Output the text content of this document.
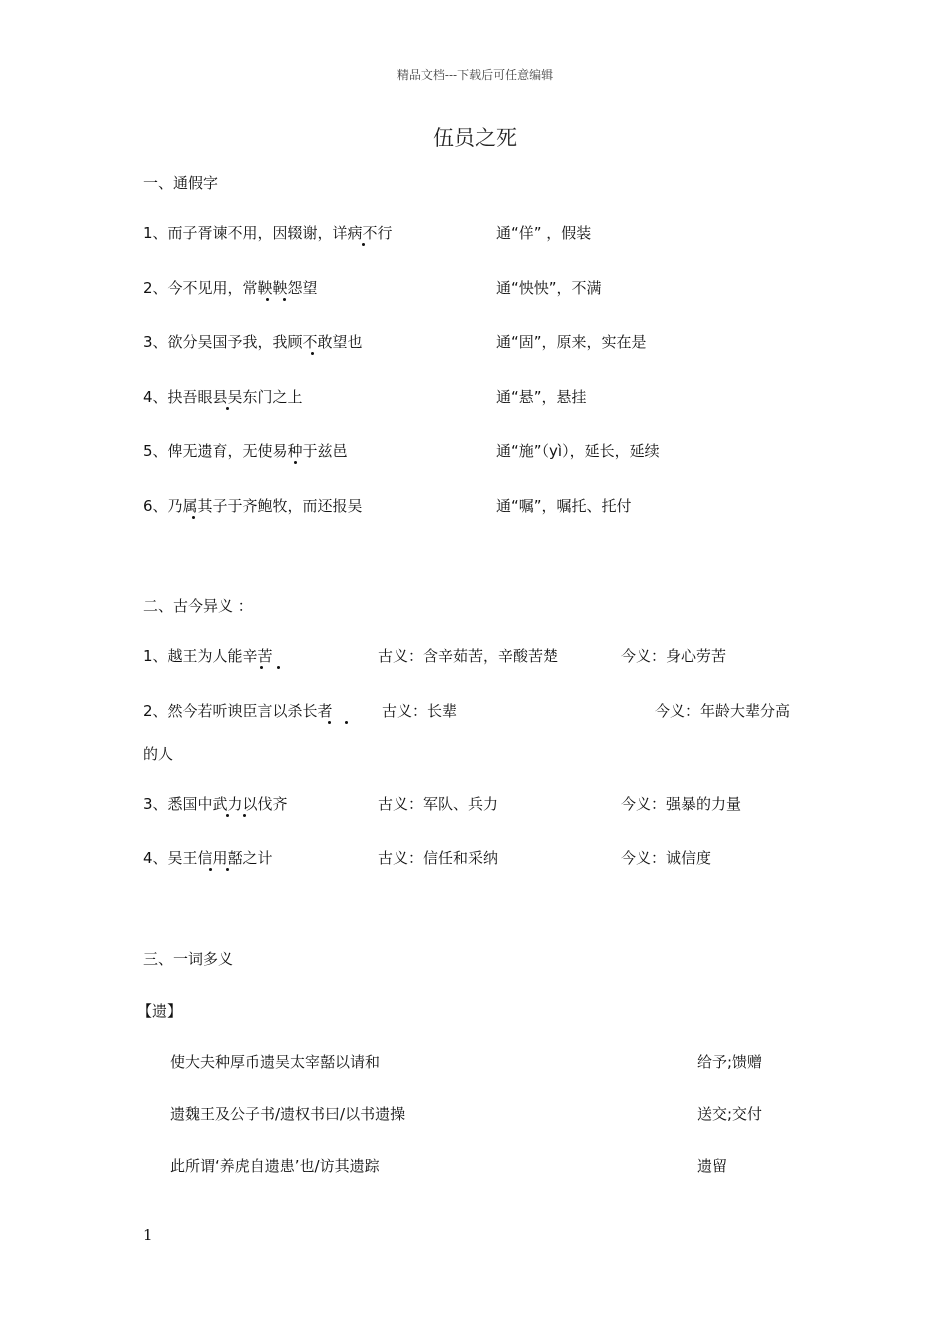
精品文档---下载后可任意编辑
伍员之死
一、通假字
1、而子胥谏不用，因辍谢，详病不行	通“佯” ，假装
2、今不见用，常鞅鞅怨望	通“怏怏”，不满
3、欲分吴国予我，我顾不敢望也	通“固”，原来，实在是
4、抉吾眼县吴东门之上	通“悬”，悬挂
5、俾无遗育，无使易种于兹邑	通“施”（yì），延长，延续
6、乃属其子于齐鲍牧，而还报吴	通“嘱”，嘱托、托付
二、古今异义 ：
1、越王为人能辛苦	古义：含辛茹苦，辛酸苦楚	今义：身心劳苦
2、然今若听谀臣言以杀长者	古义：长辈	今义：年龄大辈分高
的人
3、悉国中武力以伐齐	古义：军队、兵力	今义：强暴的力量
4、吴王信用嚭之计	古义：信任和采纳	今义：诚信度
三、一词多义
【遗】
使大夫种厚币遗吴太宰嚭以请和	给予;馈赠
遗魏王及公子书/遗权书曰/以书遗操	送交;交付
此所谓‘养虎自遗患’也/访其遗踪	遗留
1
